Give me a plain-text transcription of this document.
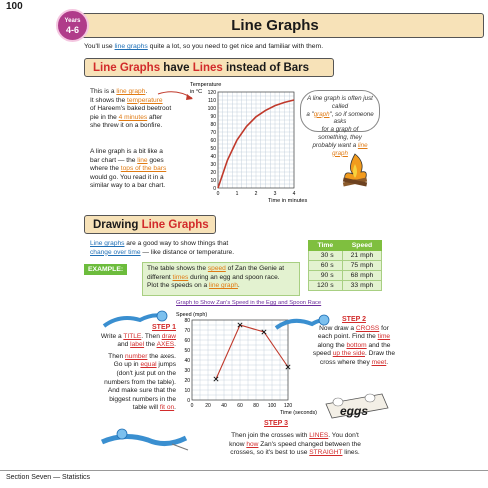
100
Line Graphs
Years
4-6
You'll use line graphs quite a lot, so you need to get nice and familiar with them.
Line Graphs have Lines instead of Bars
This is a line graph.
It shows the temperature
of Hareem's baked beetroot
pie in the 4 minutes after
she threw it on a bonfire.
A line graph is a bit like a
bar chart — the line goes
where the tops of the bars
would go. You read it in a
similar way to a bar chart.	0
10
20
30
40
50
60
70
80
90
100
110
120
0	1	2	3	4
Temperature
in °C
Time in minutes
A line graph is often just called
a "graph", so if someone asks
for a graph of something, they
probably want a line graph
Drawing Line Graphs
Line graphs are a good way to show things that
change over time — like distance or temperature.
Time	Speed
30 s	21 mph
60 s	75 mph
90 s	68 mph
120 s	33 mph
EXAMPLE:	The table shows the speed of Zan the Genie at
different times during an egg and spoon race.
Plot the speeds on a line graph.
Graph to Show Zan's Speed in the Egg and Spoon Race
0
10
20
30
40
50
60
70
80
0 20 40 60 80 100 120
Speed (mph)
Time (seconds)
STEP 1
Write a TITLE. Then draw
and label the AXES.
Then number the axes.
Go up in equal jumps
(don't just put on the
numbers from the table).
And make sure that the
biggest numbers in the
table will fit on.
STEP 2
Now draw a CROSS for
each point. Find the time
along the bottom and the
speed up the side. Draw the
cross where they meet.
eggs
STEP 3
Then join the crosses with LINES. You don't
know how Zan's speed changed between the
crosses, so it's best to use STRAIGHT lines.
Section Seven — Statistics
